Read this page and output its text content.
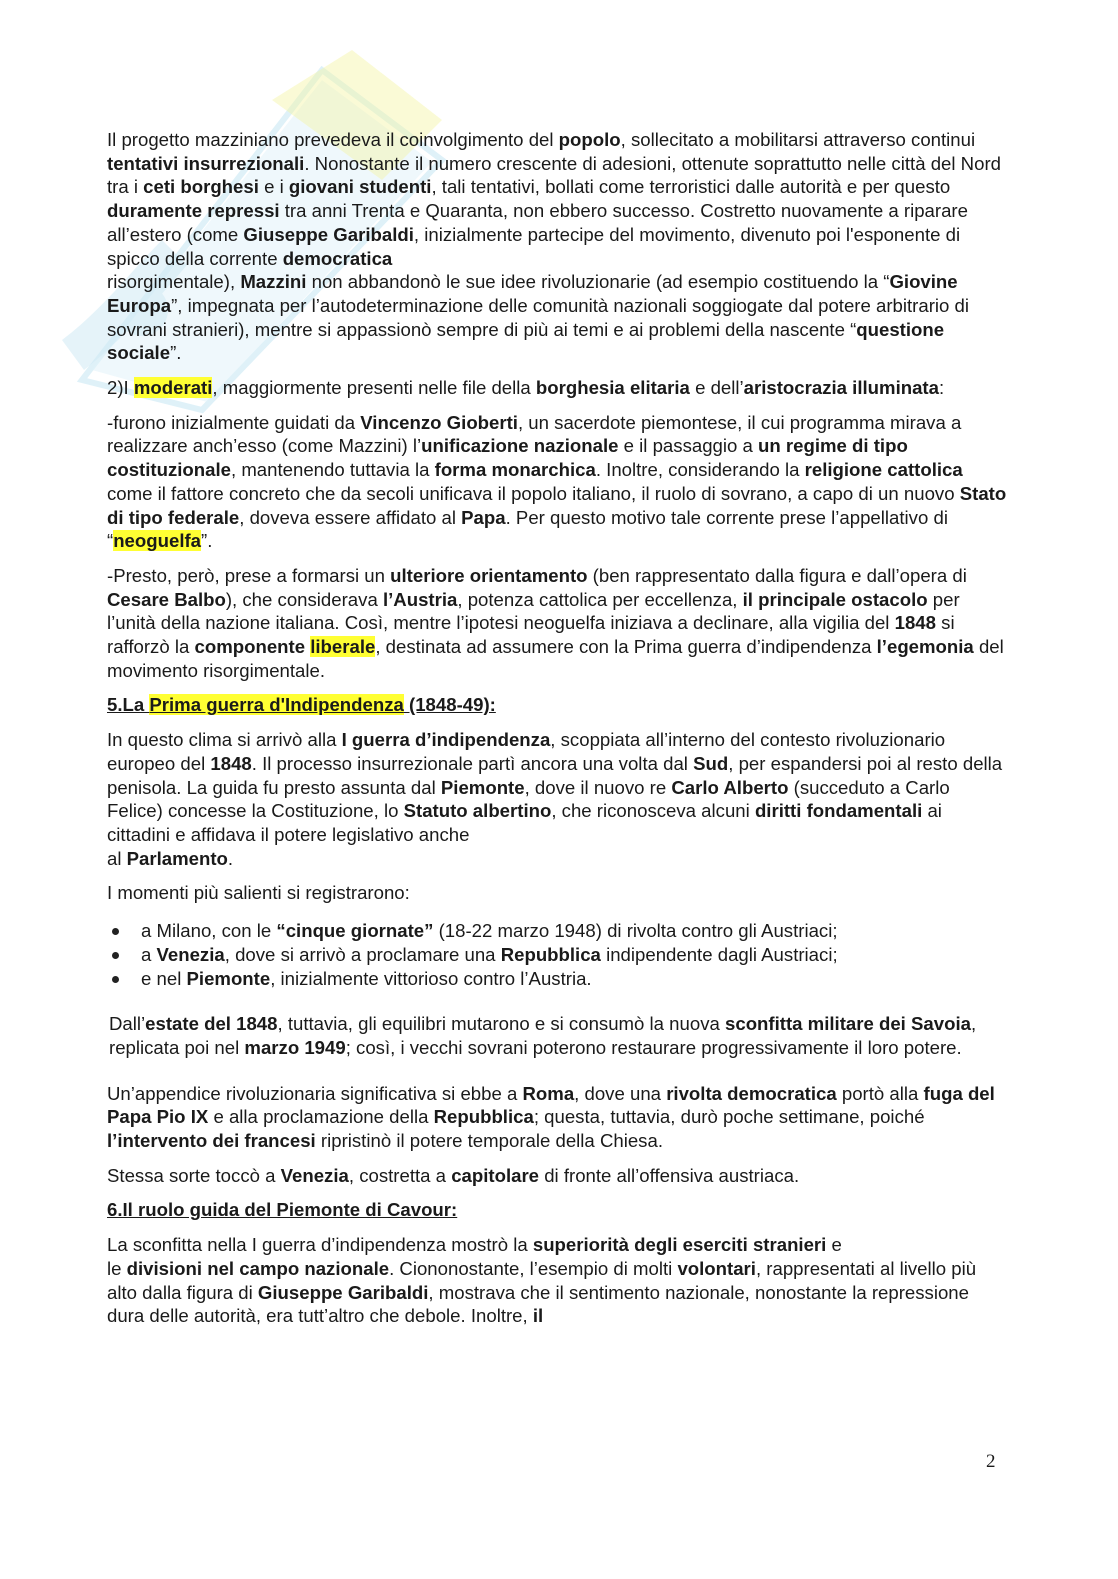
Il progetto mazziniano prevedeva il coinvolgimento del popolo, sollecitato a mobilitarsi attraverso continui tentativi insurrezionali. Nonostante il numero crescente di adesioni, ottenute soprattutto nelle città del Nord tra i ceti borghesi e i giovani studenti, tali tentativi, bollati come terroristici dalle autorità e per questo duramente repressi tra anni Trenta e Quaranta, non ebbero successo. Costretto nuovamente a riparare all’estero (come Giuseppe Garibaldi, inizialmente partecipe del movimento, divenuto poi l'esponente di spicco della corrente democratica
risorgimentale), Mazzini non abbandonò le sue idee rivoluzionarie (ad esempio costituendo la “Giovine Europa”, impegnata per l’autodeterminazione delle comunità nazionali soggiogate dal potere arbitrario di sovrani stranieri), mentre si appassionò sempre di più ai temi e ai problemi della nascente “questione sociale”.

2)I moderati, maggiormente presenti nelle file della borghesia elitaria e dell’aristocrazia illuminata:

-furono inizialmente guidati da Vincenzo Gioberti, un sacerdote piemontese, il cui programma mirava a realizzare anch’esso (come Mazzini) l’unificazione nazionale e il passaggio a un regime di tipo costituzionale, mantenendo tuttavia la forma monarchica. Inoltre, considerando la religione cattolica come il fattore concreto che da secoli unificava il popolo italiano, il ruolo di sovrano, a capo di un nuovo Stato di tipo federale, doveva essere affidato al Papa. Per questo motivo tale corrente prese l’appellativo di “neoguelfa”.

-Presto, però, prese a formarsi un ulteriore orientamento (ben rappresentato dalla figura e dall’opera di Cesare Balbo), che considerava l’Austria, potenza cattolica per eccellenza, il principale ostacolo per l’unità della nazione italiana. Così, mentre l’ipotesi neoguelfa iniziava a declinare, alla vigilia del 1848 si rafforzò la componente liberale, destinata ad assumere con la Prima guerra d’indipendenza l’egemonia del movimento risorgimentale.

5.La Prima guerra d'Indipendenza (1848-49):

In questo clima si arrivò alla I guerra d’indipendenza, scoppiata all’interno del contesto rivoluzionario europeo del 1848. Il processo insurrezionale partì ancora una volta dal Sud, per espandersi poi al resto della penisola. La guida fu presto assunta dal Piemonte, dove il nuovo re Carlo Alberto (succeduto a Carlo Felice) concesse la Costituzione, lo Statuto albertino, che riconosceva alcuni diritti fondamentali ai cittadini e affidava il potere legislativo anche
al Parlamento.

I momenti più salienti si registrarono:

a Milano, con le “cinque giornate” (18-22 marzo 1948) di rivolta contro gli Austriaci;
a Venezia, dove si arrivò a proclamare una Repubblica indipendente dagli Austriaci;
e nel Piemonte, inizialmente vittorioso contro l’Austria.

Dall’estate del 1848, tuttavia, gli equilibri mutarono e si consumò la nuova sconfitta militare dei Savoia, replicata poi nel marzo 1949; così, i vecchi sovrani poterono restaurare progressivamente il loro potere.

Un’appendice rivoluzionaria significativa si ebbe a Roma, dove una rivolta democratica portò alla fuga del Papa Pio IX e alla proclamazione della Repubblica; questa, tuttavia, durò poche settimane, poiché l’intervento dei francesi ripristinò il potere temporale della Chiesa.

Stessa sorte toccò a Venezia, costretta a capitolare di fronte all’offensiva austriaca.

6.Il ruolo guida del Piemonte di Cavour:

La sconfitta nella I guerra d’indipendenza mostrò la superiorità degli eserciti stranieri e
le divisioni nel campo nazionale. Ciononostante, l’esempio di molti volontari, rappresentati al livello più alto dalla figura di Giuseppe Garibaldi, mostrava che il sentimento nazionale, nonostante la repressione dura delle autorità, era tutt’altro che debole. Inoltre, il

2
